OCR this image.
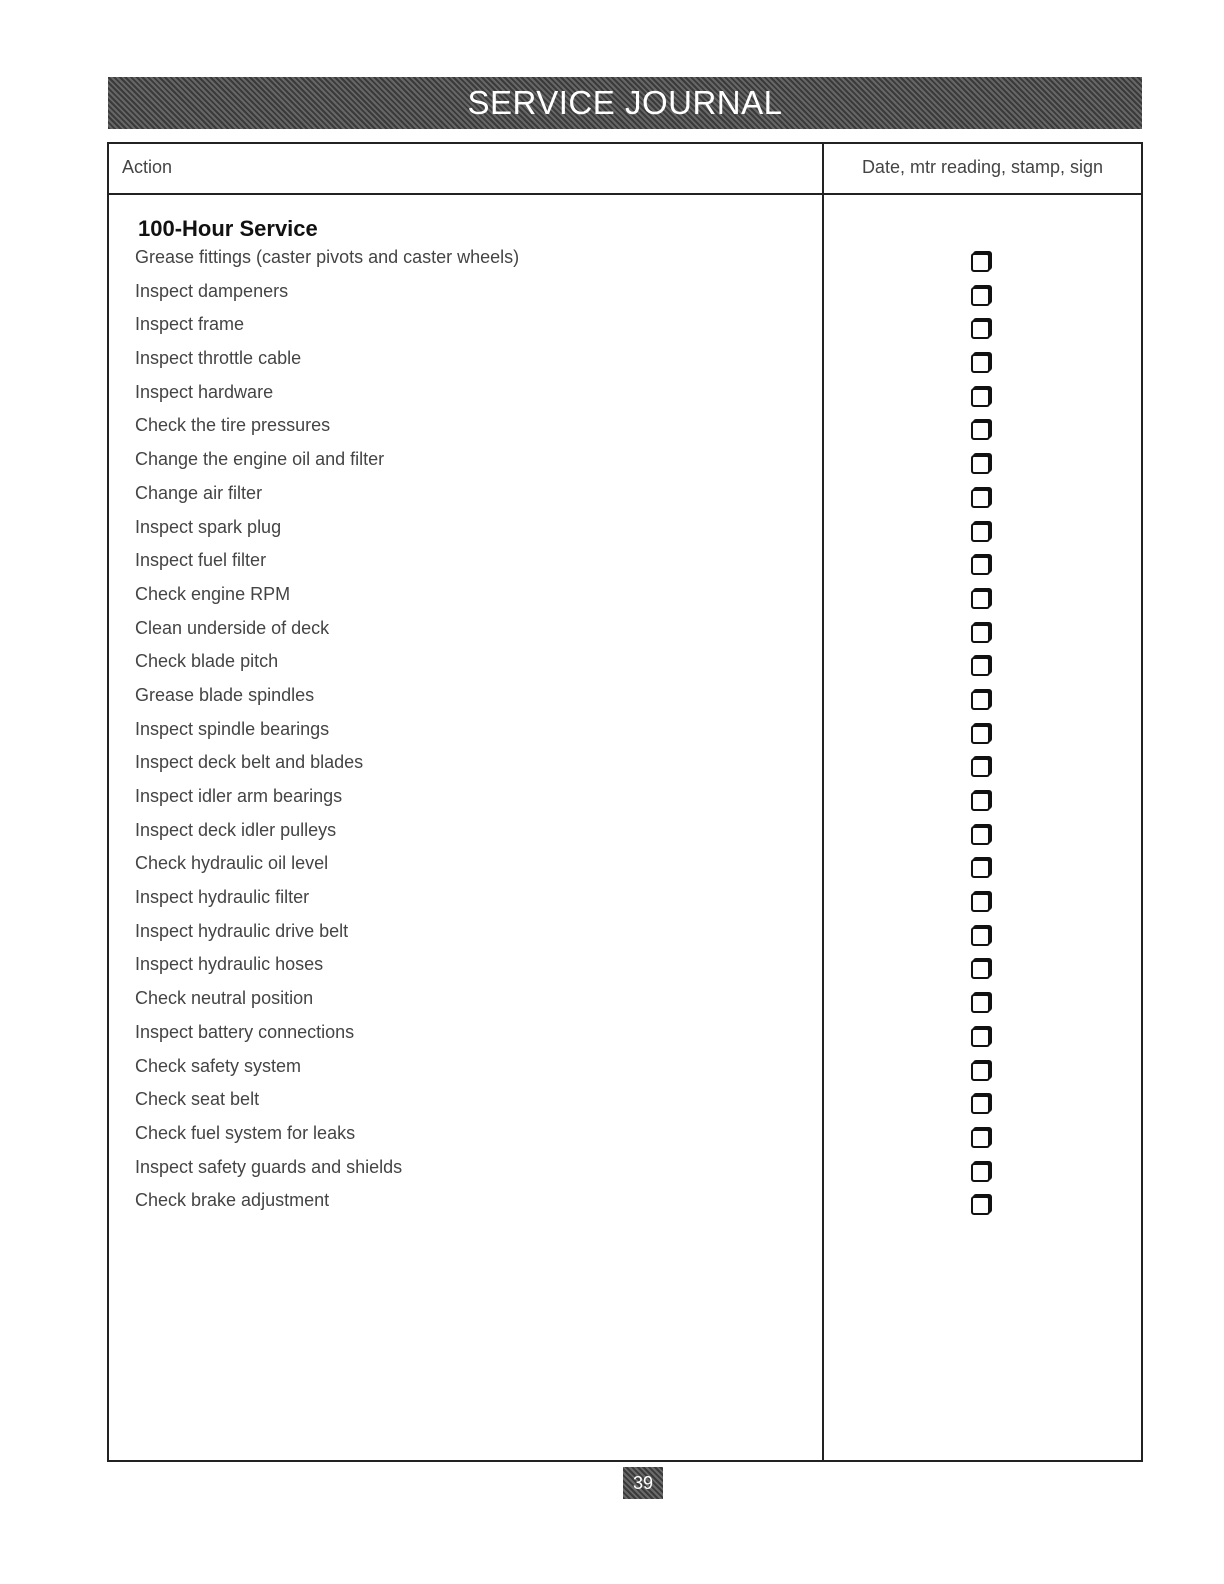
SERVICE JOURNAL
Action	Date, mtr reading, stamp, sign
100-Hour Service
Grease fittings (caster pivots and caster wheels)
Inspect dampeners
Inspect frame
Inspect throttle cable
Inspect hardware
Check the tire pressures
Change the engine oil and filter
Change air filter
Inspect spark plug
Inspect fuel filter
Check engine RPM
Clean underside of deck
Check blade pitch
Grease blade spindles
Inspect spindle bearings
Inspect deck belt and blades
Inspect idler arm bearings
Inspect deck idler pulleys
Check hydraulic oil level
Inspect hydraulic filter
Inspect hydraulic drive belt
Inspect hydraulic hoses
Check neutral position
Inspect battery connections
Check safety system
Check seat belt
Check fuel system for leaks
Inspect safety guards and shields
Check brake adjustment
39
